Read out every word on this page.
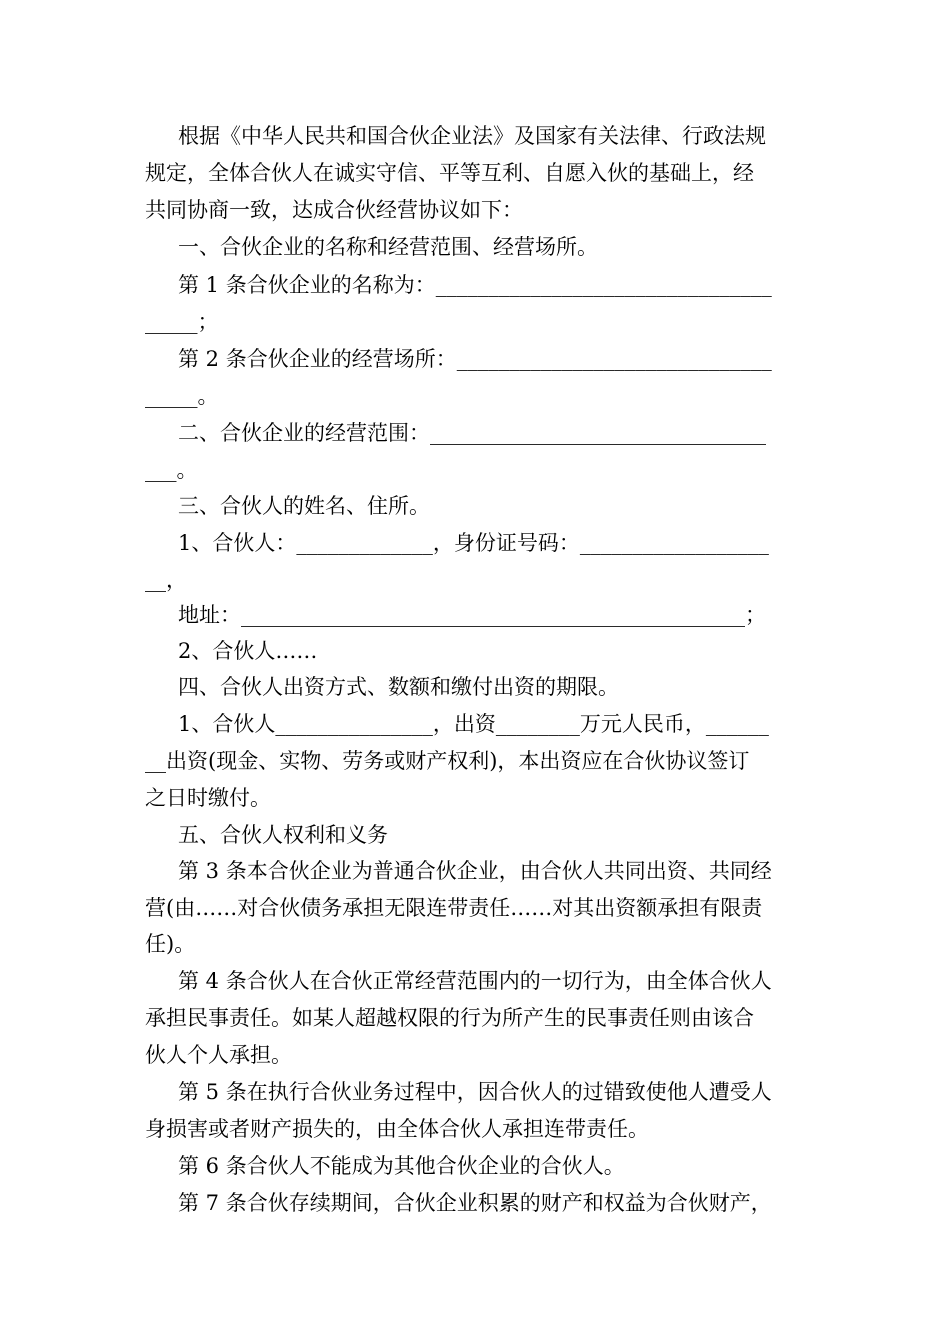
根据《中华人民共和国合伙企业法》及国家有关法律、行政法规
规定，全体合伙人在诚实守信、平等互利、自愿入伙的基础上，经
共同协商一致，达成合伙经营协议如下：
一、合伙企业的名称和经营范围、经营场所。
第 1 条合伙企业的名称为：________________________________
_____；
第 2 条合伙企业的经营场所：______________________________
_____。
二、合伙企业的经营范围：________________________________
___。
三、合伙人的姓名、住所。
1、合伙人：_____________，身份证号码：__________________
__，
地址：________________________________________________；
2、合伙人……
四、合伙人出资方式、数额和缴付出资的期限。
1、合伙人_______________，出资________万元人民币，______
__出资(现金、实物、劳务或财产权利)，本出资应在合伙协议签订
之日时缴付。
五、合伙人权利和义务
第 3 条本合伙企业为普通合伙企业，由合伙人共同出资、共同经
营(由……对合伙债务承担无限连带责任……对其出资额承担有限责
任)。
第 4 条合伙人在合伙正常经营范围内的一切行为，由全体合伙人
承担民事责任。如某人超越权限的行为所产生的民事责任则由该合
伙人个人承担。
第 5 条在执行合伙业务过程中，因合伙人的过错致使他人遭受人
身损害或者财产损失的，由全体合伙人承担连带责任。
第 6 条合伙人不能成为其他合伙企业的合伙人。
第 7 条合伙存续期间，合伙企业积累的财产和权益为合伙财产，
